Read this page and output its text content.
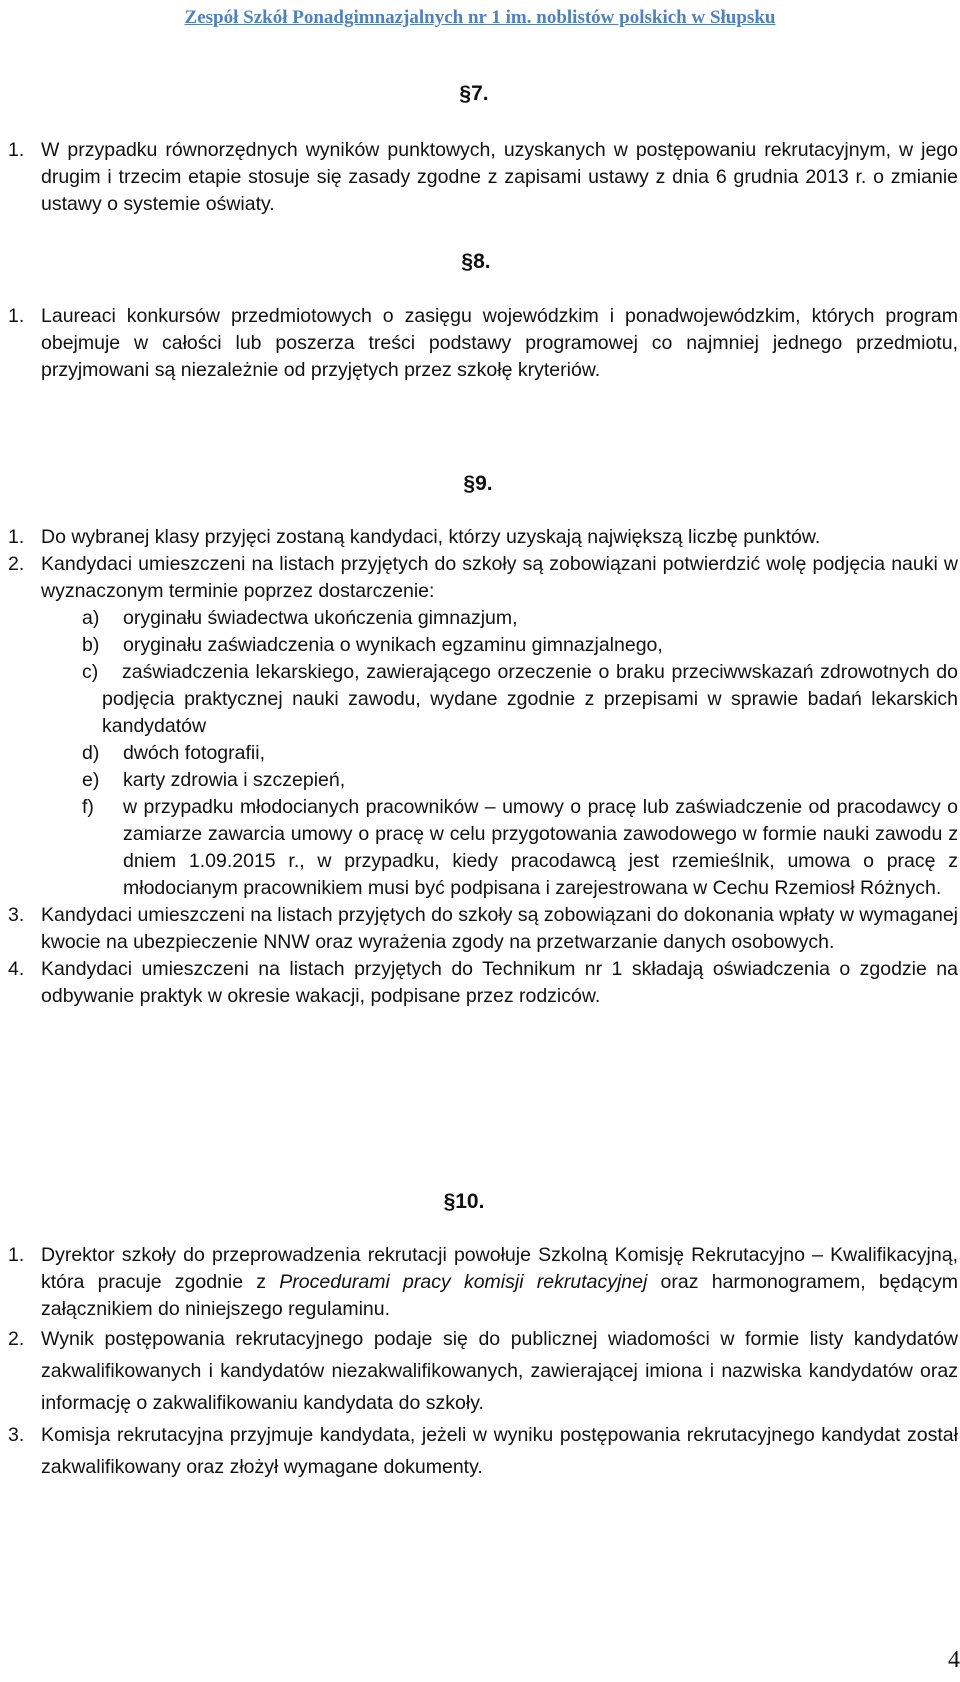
Zespół Szkół Ponadgimnazjalnych nr 1 im. noblistów polskich w Słupsku
§7.

1. W przypadku równorzędnych wyników punktowych, uzyskanych w postępowaniu rekrutacyjnym, w jego drugim i trzecim etapie stosuje się zasady zgodne z zapisami ustawy z dnia 6 grudnia 2013 r. o zmianie ustawy o systemie oświaty.

§8.

1. Laureaci konkursów przedmiotowych o zasięgu wojewódzkim i ponadwojewódzkim, których program obejmuje w całości lub poszerza treści podstawy programowej co najmniej jednego przedmiotu, przyjmowani są niezależnie od przyjętych przez szkołę kryteriów.

§9.

1. Do wybranej klasy przyjęci zostaną kandydaci, którzy uzyskają największą liczbę punktów.

2. Kandydaci umieszczeni na listach przyjętych do szkoły są zobowiązani potwierdzić wolę podjęcia nauki w wyznaczonym terminie poprzez dostarczenie:

a) oryginału świadectwa ukończenia gimnazjum,
b) oryginału zaświadczenia o wynikach egzaminu gimnazjalnego,
c) zaświadczenia lekarskiego, zawierającego orzeczenie o braku przeciwwskazań zdrowotnych do podjęcia praktycznej nauki zawodu, wydane zgodnie z przepisami w sprawie badań lekarskich kandydatów
d) dwóch fotografii,
e) karty zdrowia i szczepień,
f) w przypadku młodocianych pracowników – umowy o pracę lub zaświadczenie od pracodawcy o zamiarze zawarcia umowy o pracę w celu przygotowania zawodowego w formie nauki zawodu z dniem 1.09.2015 r., w przypadku, kiedy pracodawcą jest rzemieślnik, umowa o pracę z młodocianym pracownikiem musi być podpisana i zarejestrowana w Cechu Rzemiosł Różnych.

3. Kandydaci umieszczeni na listach przyjętych do szkoły są zobowiązani do dokonania wpłaty w wymaganej kwocie na ubezpieczenie NNW oraz wyrażenia zgody na przetwarzanie danych osobowych.

4. Kandydaci umieszczeni na listach przyjętych do Technikum nr 1 składają oświadczenia o zgodzie na odbywanie praktyk w okresie wakacji, podpisane przez rodziców.

§10.

1. Dyrektor szkoły do przeprowadzenia rekrutacji powołuje Szkolną Komisję Rekrutacyjno – Kwalifikacyjną, która pracuje zgodnie z Procedurami pracy komisji rekrutacyjnej oraz harmonogramem, będącym załącznikiem do niniejszego regulaminu.

2. Wynik postępowania rekrutacyjnego podaje się do publicznej wiadomości w formie listy kandydatów zakwalifikowanych i kandydatów niezakwalifikowanych, zawierającej imiona i nazwiska kandydatów oraz informację o zakwalifikowaniu kandydata do szkoły.

3. Komisja rekrutacyjna przyjmuje kandydata, jeżeli w wyniku postępowania rekrutacyjnego kandydat został zakwalifikowany oraz złożył wymagane dokumenty.

4
